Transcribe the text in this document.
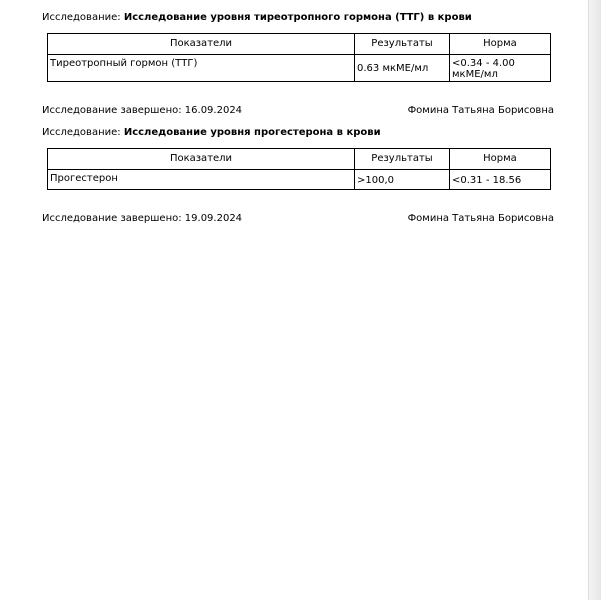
Исследование: Исследование уровня тиреотропного гормона (ТТГ) в крови
Показатели	Результаты	Норма
Тиреотропный гормон (ТТГ)	0.63 мкМЕ/мл	<0.34 - 4.00 мкМЕ/мл
Исследование завершено: 16.09.2024	Фомина Татьяна Борисовна
Исследование: Исследование уровня прогестерона в крови
Показатели	Результаты	Норма
Прогестерон	>100,0	<0.31 - 18.56
Исследование завершено: 19.09.2024	Фомина Татьяна Борисовна
